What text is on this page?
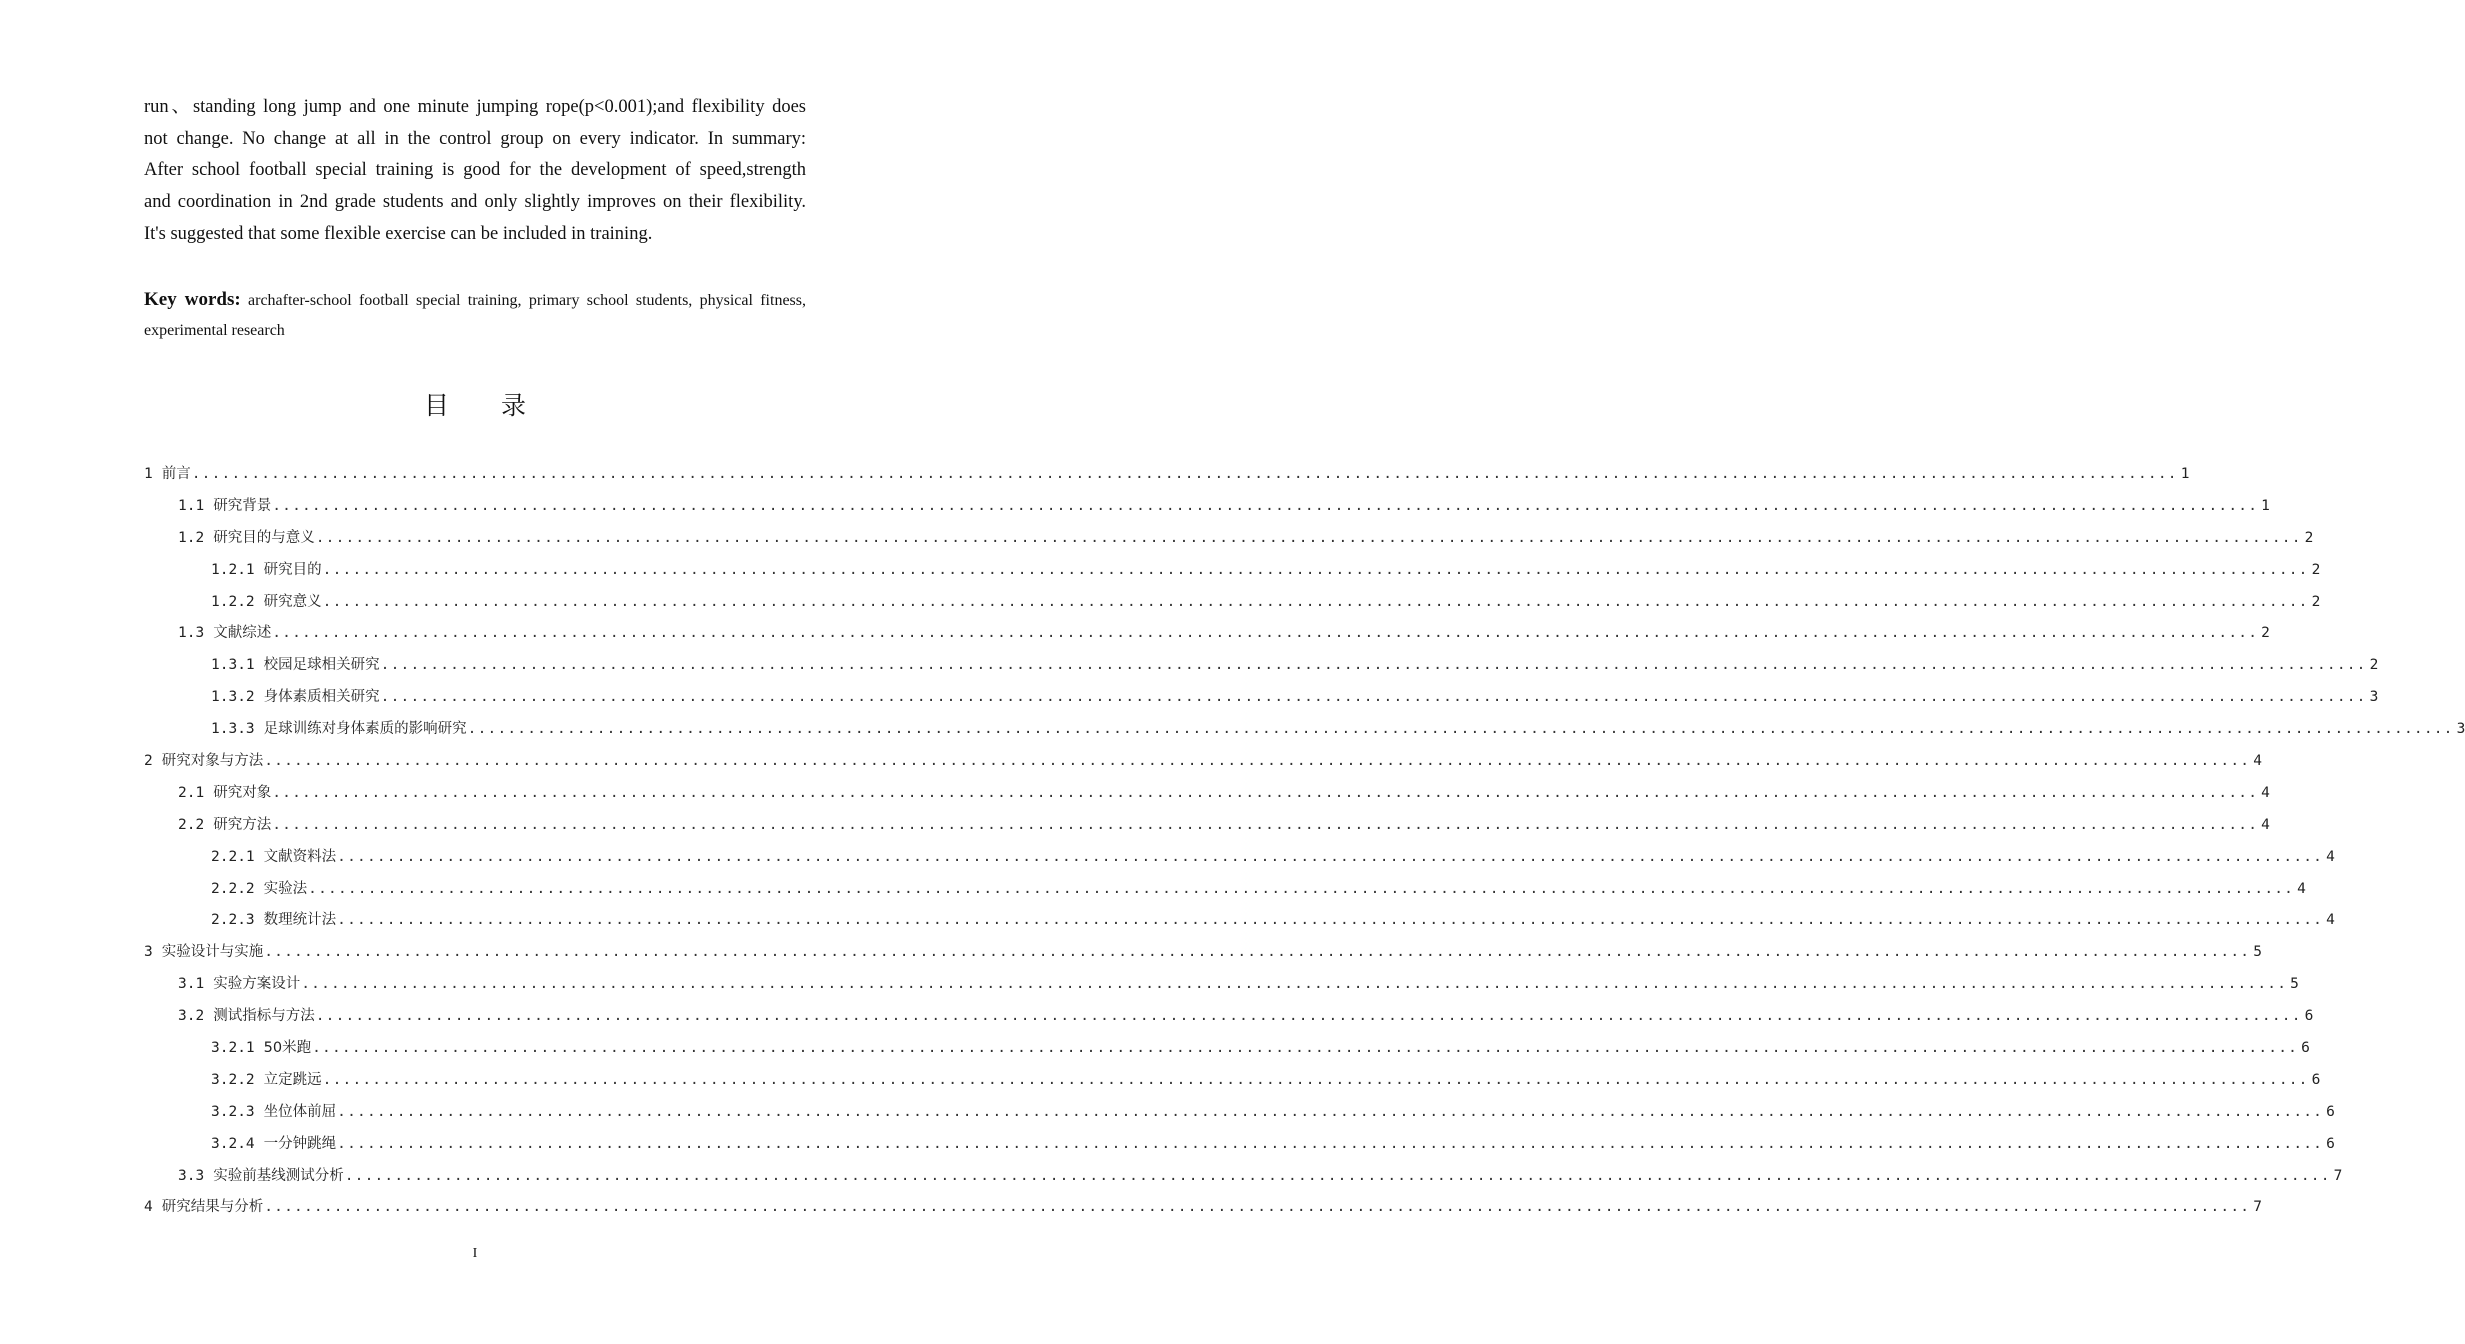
run、standing long jump and one minute jumping rope(p<0.001);and flexibility does
not change. No change at all in the control group on every indicator. In summary:
After school football special training is good for the development of speed,strength
and coordination in 2nd grade students and only slightly improves on their flexibility.
It's suggested that some flexible exercise can be included in training.
Key words: archafter-school football special training, primary school students, physical fitness,
experimental research
目 录
1 前言 ........................................................................................................................................................................................................ 1
1.1 研究背景 ........................................................................................................................................................................................................ 1
1.2 研究目的与意义 ........................................................................................................................................................................................................ 2
1.2.1 研究目的 ........................................................................................................................................................................................................ 2
1.2.2 研究意义 ........................................................................................................................................................................................................ 2
1.3 文献综述 ........................................................................................................................................................................................................ 2
1.3.1 校园足球相关研究 ........................................................................................................................................................................................................ 2
1.3.2 身体素质相关研究 ........................................................................................................................................................................................................ 3
1.3.3 足球训练对身体素质的影响研究 ........................................................................................................................................................................................................ 3
2 研究对象与方法 ........................................................................................................................................................................................................ 4
2.1 研究对象 ........................................................................................................................................................................................................ 4
2.2 研究方法 ........................................................................................................................................................................................................ 4
2.2.1 文献资料法 ........................................................................................................................................................................................................ 4
2.2.2 实验法 ........................................................................................................................................................................................................ 4
2.2.3 数理统计法 ........................................................................................................................................................................................................ 4
3 实验设计与实施 ........................................................................................................................................................................................................ 5
3.1 实验方案设计 ........................................................................................................................................................................................................ 5
3.2 测试指标与方法 ........................................................................................................................................................................................................ 6
3.2.1 50米跑 ........................................................................................................................................................................................................ 6
3.2.2 立定跳远 ........................................................................................................................................................................................................ 6
3.2.3 坐位体前屈 ........................................................................................................................................................................................................ 6
3.2.4 一分钟跳绳 ........................................................................................................................................................................................................ 6
3.3 实验前基线测试分析 ........................................................................................................................................................................................................ 7
4 研究结果与分析 ........................................................................................................................................................................................................ 7
I
